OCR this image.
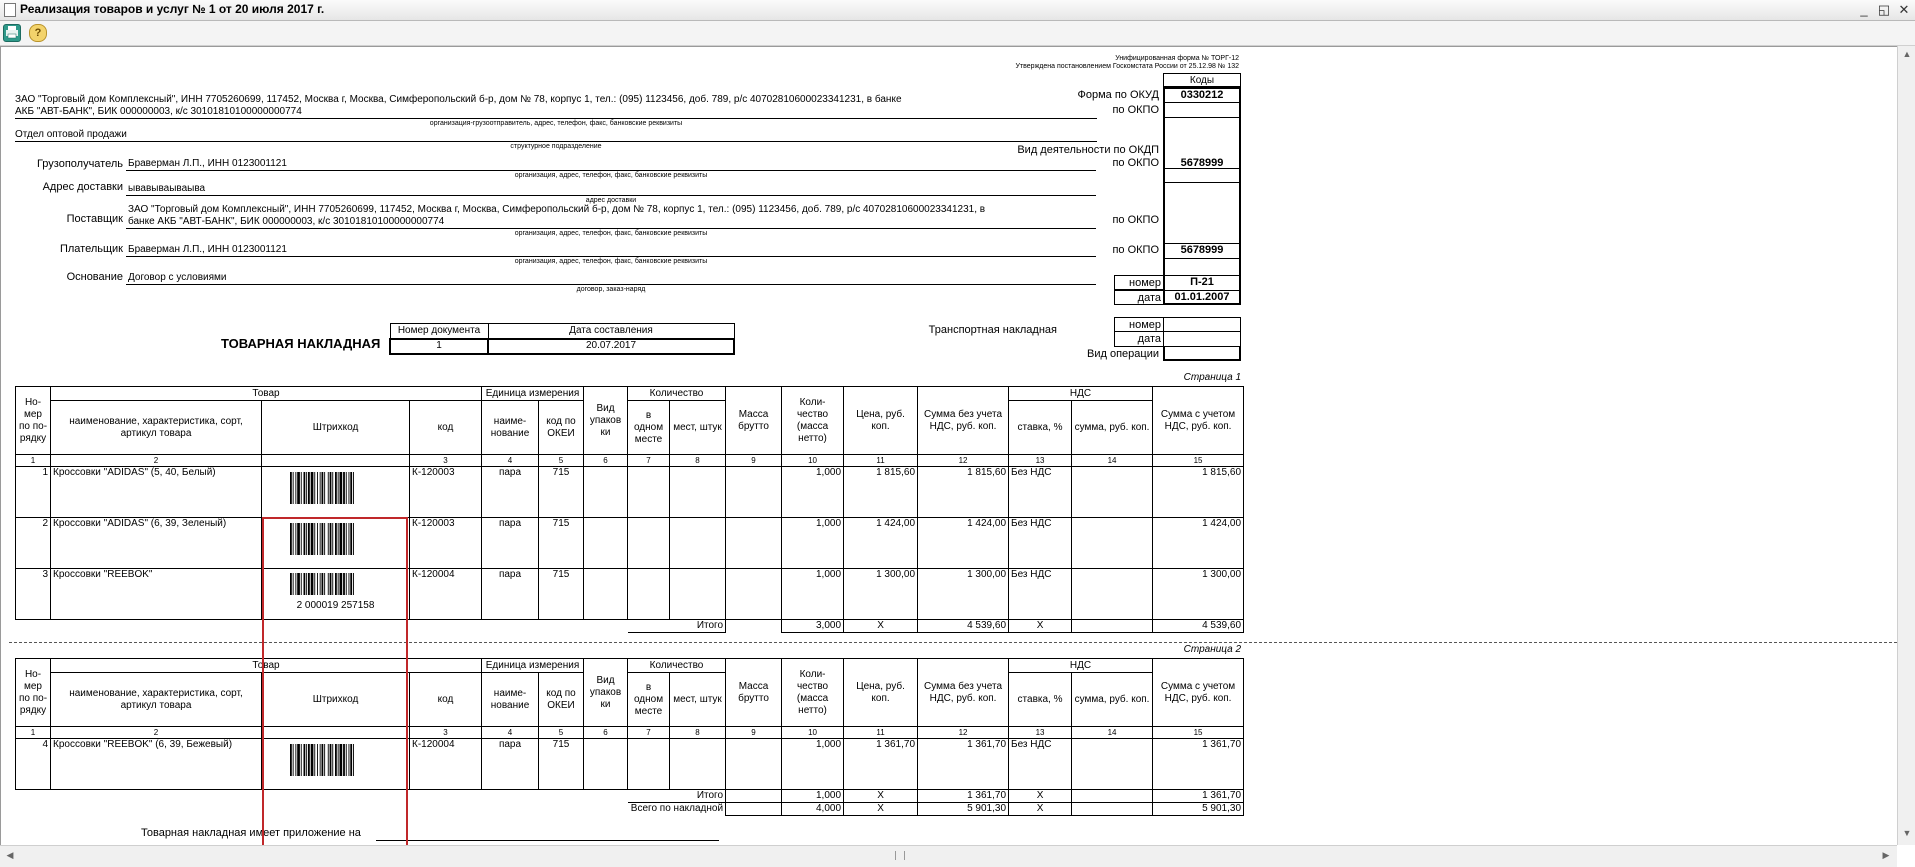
Реализация товаров и услуг № 1 от 20 июля 2017 г.	_ ◱ ✕
?
Унифицированная форма № ТОРГ-12
Утверждена постановлением Госкомстата России от 25.12.98 № 132
Коды
0330212
Форма по ОКУД
по ОКПО
ЗАО "Торговый дом Комплексный", ИНН 7705260699, 117452, Москва г, Москва, Симферопольский б-р, дом № 78, корпус 1, тел.: (095) 1123456, доб. 789, р/с 40702810600023341231, в банке
АКБ "АВТ-БАНК", БИК 000000003, к/с 30101810100000000774
организация-грузоотправитель, адрес, телефон, факс, банковские реквизиты
Отдел оптовой продажи
структурное подразделение	Вид деятельности по ОКДП
Грузополучатель Браверман Л.П., ИНН 0123001121
организация, адрес, телефон, факс, банковские реквизиты
по ОКПО	5678999
Адрес доставки ывавываываыва
адрес доставки
ЗАО "Торговый дом Комплексный", ИНН 7705260699, 117452, Москва г, Москва, Симферопольский б-р, дом № 78, корпус 1, тел.: (095) 1123456, доб. 789, р/с 40702810600023341231, в
Поставщик банке АКБ "АВТ-БАНК", БИК 000000003, к/с 30101810100000000774	по ОКПО
организация, адрес, телефон, факс, банковские реквизиты
Плательщик Браверман Л.П., ИНН 0123001121
организация, адрес, телефон, факс, банковские реквизиты
по ОКПО	5678999
Основание Договор с условиями
договор, заказ-наряд
номер	П-21
дата	01.01.2007
Транспортная накладная	номер
дата
Вид операции
ТОВАРНАЯ НАКЛАДНАЯ
Номер документа	Дата составления
1	20.07.2017
Страница 1
Но-мер по по-рядку	Товар			Единица измерения		Вид упаков ки	Количество		Масса брутто	Коли-чество (масса нетто)	Цена, руб. коп.	Сумма без учета НДС, руб. коп.	НДС		Сумма с учетом НДС, руб. коп.
	наименование, характеристика, сорт, артикул товара	Штрихкод	код	наиме-нование	код по ОКЕИ		в одном месте	мест, штук					ставка, %	сумма, руб. коп.	
1	2		3	4	5	6	7	8	9	10	11	12	13	14	15
1	Кроссовки "ADIDAS" (5, 40, Белый)		К-120003	пара	715					1,000	1 815,60	1 815,60	Без НДС		1 815,60
2	Кроссовки "ADIDAS" (6, 39, Зеленый)		К-120003	пара	715					1,000	1 424,00	1 424,00	Без НДС		1 424,00
3	Кроссовки "REEBOK"	2 000019 257158	К-120004	пара	715					1,000	1 300,00	1 300,00	Без НДС		1 300,00
							Итого			3,000	X	4 539,60	X		4 539,60
Страница 2
Но-мер по по-рядку	Товар			Единица измерения		Вид упаков ки	Количество		Масса брутто	Коли-чество (масса нетто)	Цена, руб. коп.	Сумма без учета НДС, руб. коп.	НДС		Сумма с учетом НДС, руб. коп.
	наименование, характеристика, сорт, артикул товара	Штрихкод	код	наиме-нование	код по ОКЕИ		в одном месте	мест, штук					ставка, %	сумма, руб. коп.	
1	2		3	4	5	6	7	8	9	10	11	12	13	14	15
4	Кроссовки "REEBOK" (6, 39, Бежевый)		К-120004	пара	715					1,000	1 361,70	1 361,70	Без НДС		1 361,70
							Итого			1,000	X	1 361,70	X		1 361,70
							Всего по накладной			4,000	X	5 901,30	X		5 901,30
Товарная накладная имеет приложение на
▲
▼
◀	▶
